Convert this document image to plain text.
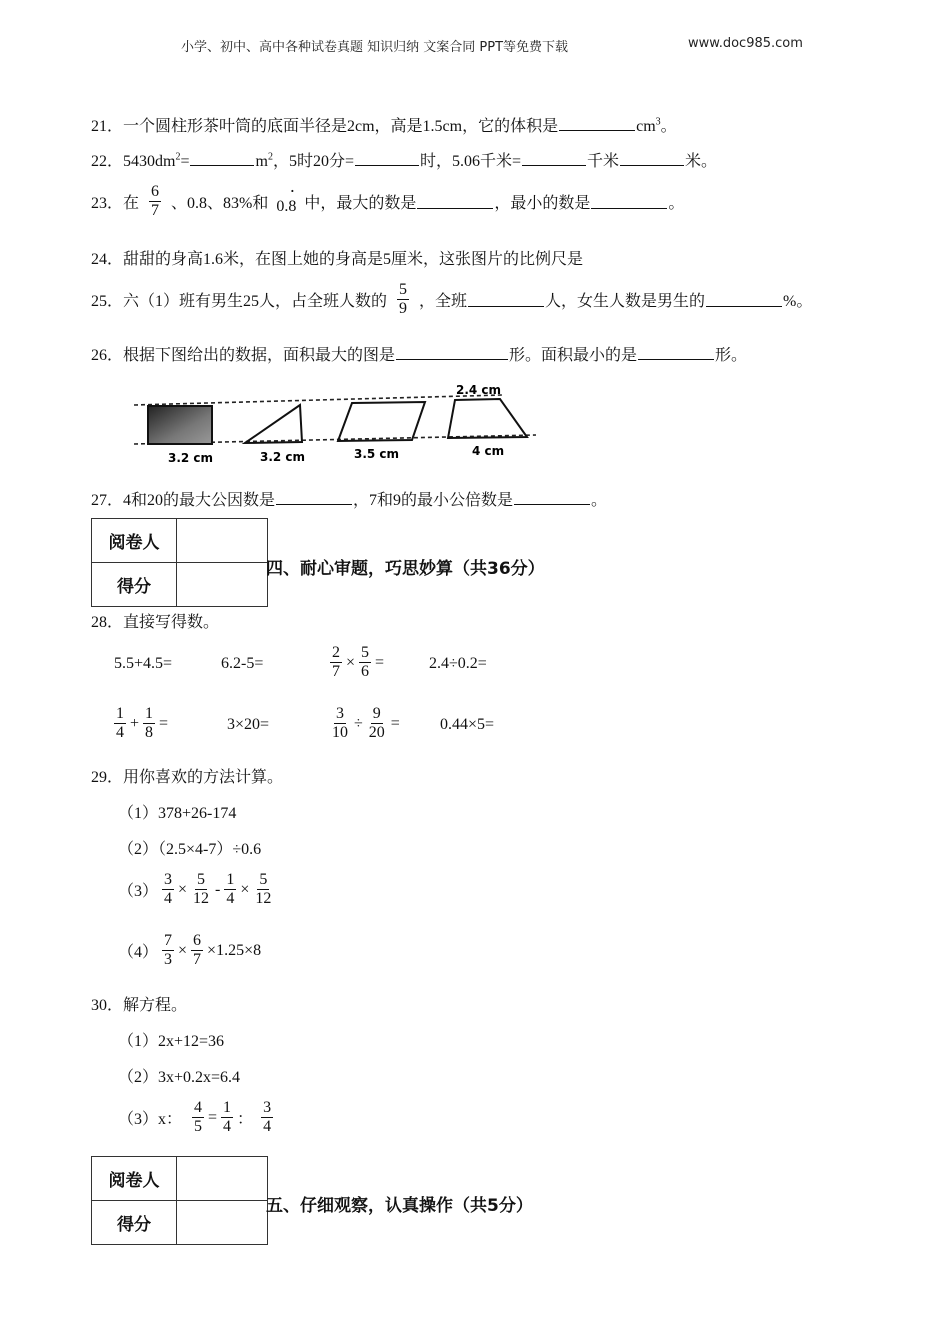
小学、初中、高中各种试卷真题 知识归纳 文案合同 PPT等免费下载	www.doc985.com
21．一个圆柱形茶叶筒的底面半径是2cm，高是1.5cm，它的体积是	$cm^3$。
22．$5430dm^2=$	$m^2$，5时20分=	时，5.06千米=	千米	米。
23．在 $\frac{6}{7}$ 、0.8、83%和
·
0.8 中，最大的数是	，最小的数是	。
24．甜甜的身高1.6米，在图上她的身高是5厘米，这张图片的比例尺是
25．六（1）班有男生25人，占全班人数的 $\frac{5}{9}$ ，全班	人，女生人数是男生的	%。
26．根据下图给出的数据，面积最大的图是	形。面积最小的是	形。
2.4 cm
3.2 cm	3.2 cm	3.5 cm	4 cm
27．4和20的最大公因数是	，7和9的最小公倍数是	。
阅卷人	
得分	
四、耐心审题，巧思妙算（共36分）
28．直接写得数。
5.5+4.5=	6.2-5=	$\frac{2}{7} \times \frac{5}{6}$ =	2.4÷0.2=
$\frac{1}{4} + \frac{1}{8}$ =	3×20=	$\frac{3}{10} \div \frac{9}{20}$ =	0.44×5=
29．用你喜欢的方法计算。
（1）378+26-174
（2）（2.5×4-7）÷0.6
$(3) \frac{3}{4} \times \frac{5}{12} - \frac{1}{4} \times \frac{5}{12}$
$(4) \frac{7}{3} \times \frac{6}{7} \times 1.25\times 8$
30．解方程。
（1）2x+12=36
（2）3x+0.2x=6.4
（3）x： $\frac{4}{5} = \frac{1}{4}$ ： $\frac{3}{4}$
阅卷人	
得分	
五、仔细观察，认真操作（共5分）
